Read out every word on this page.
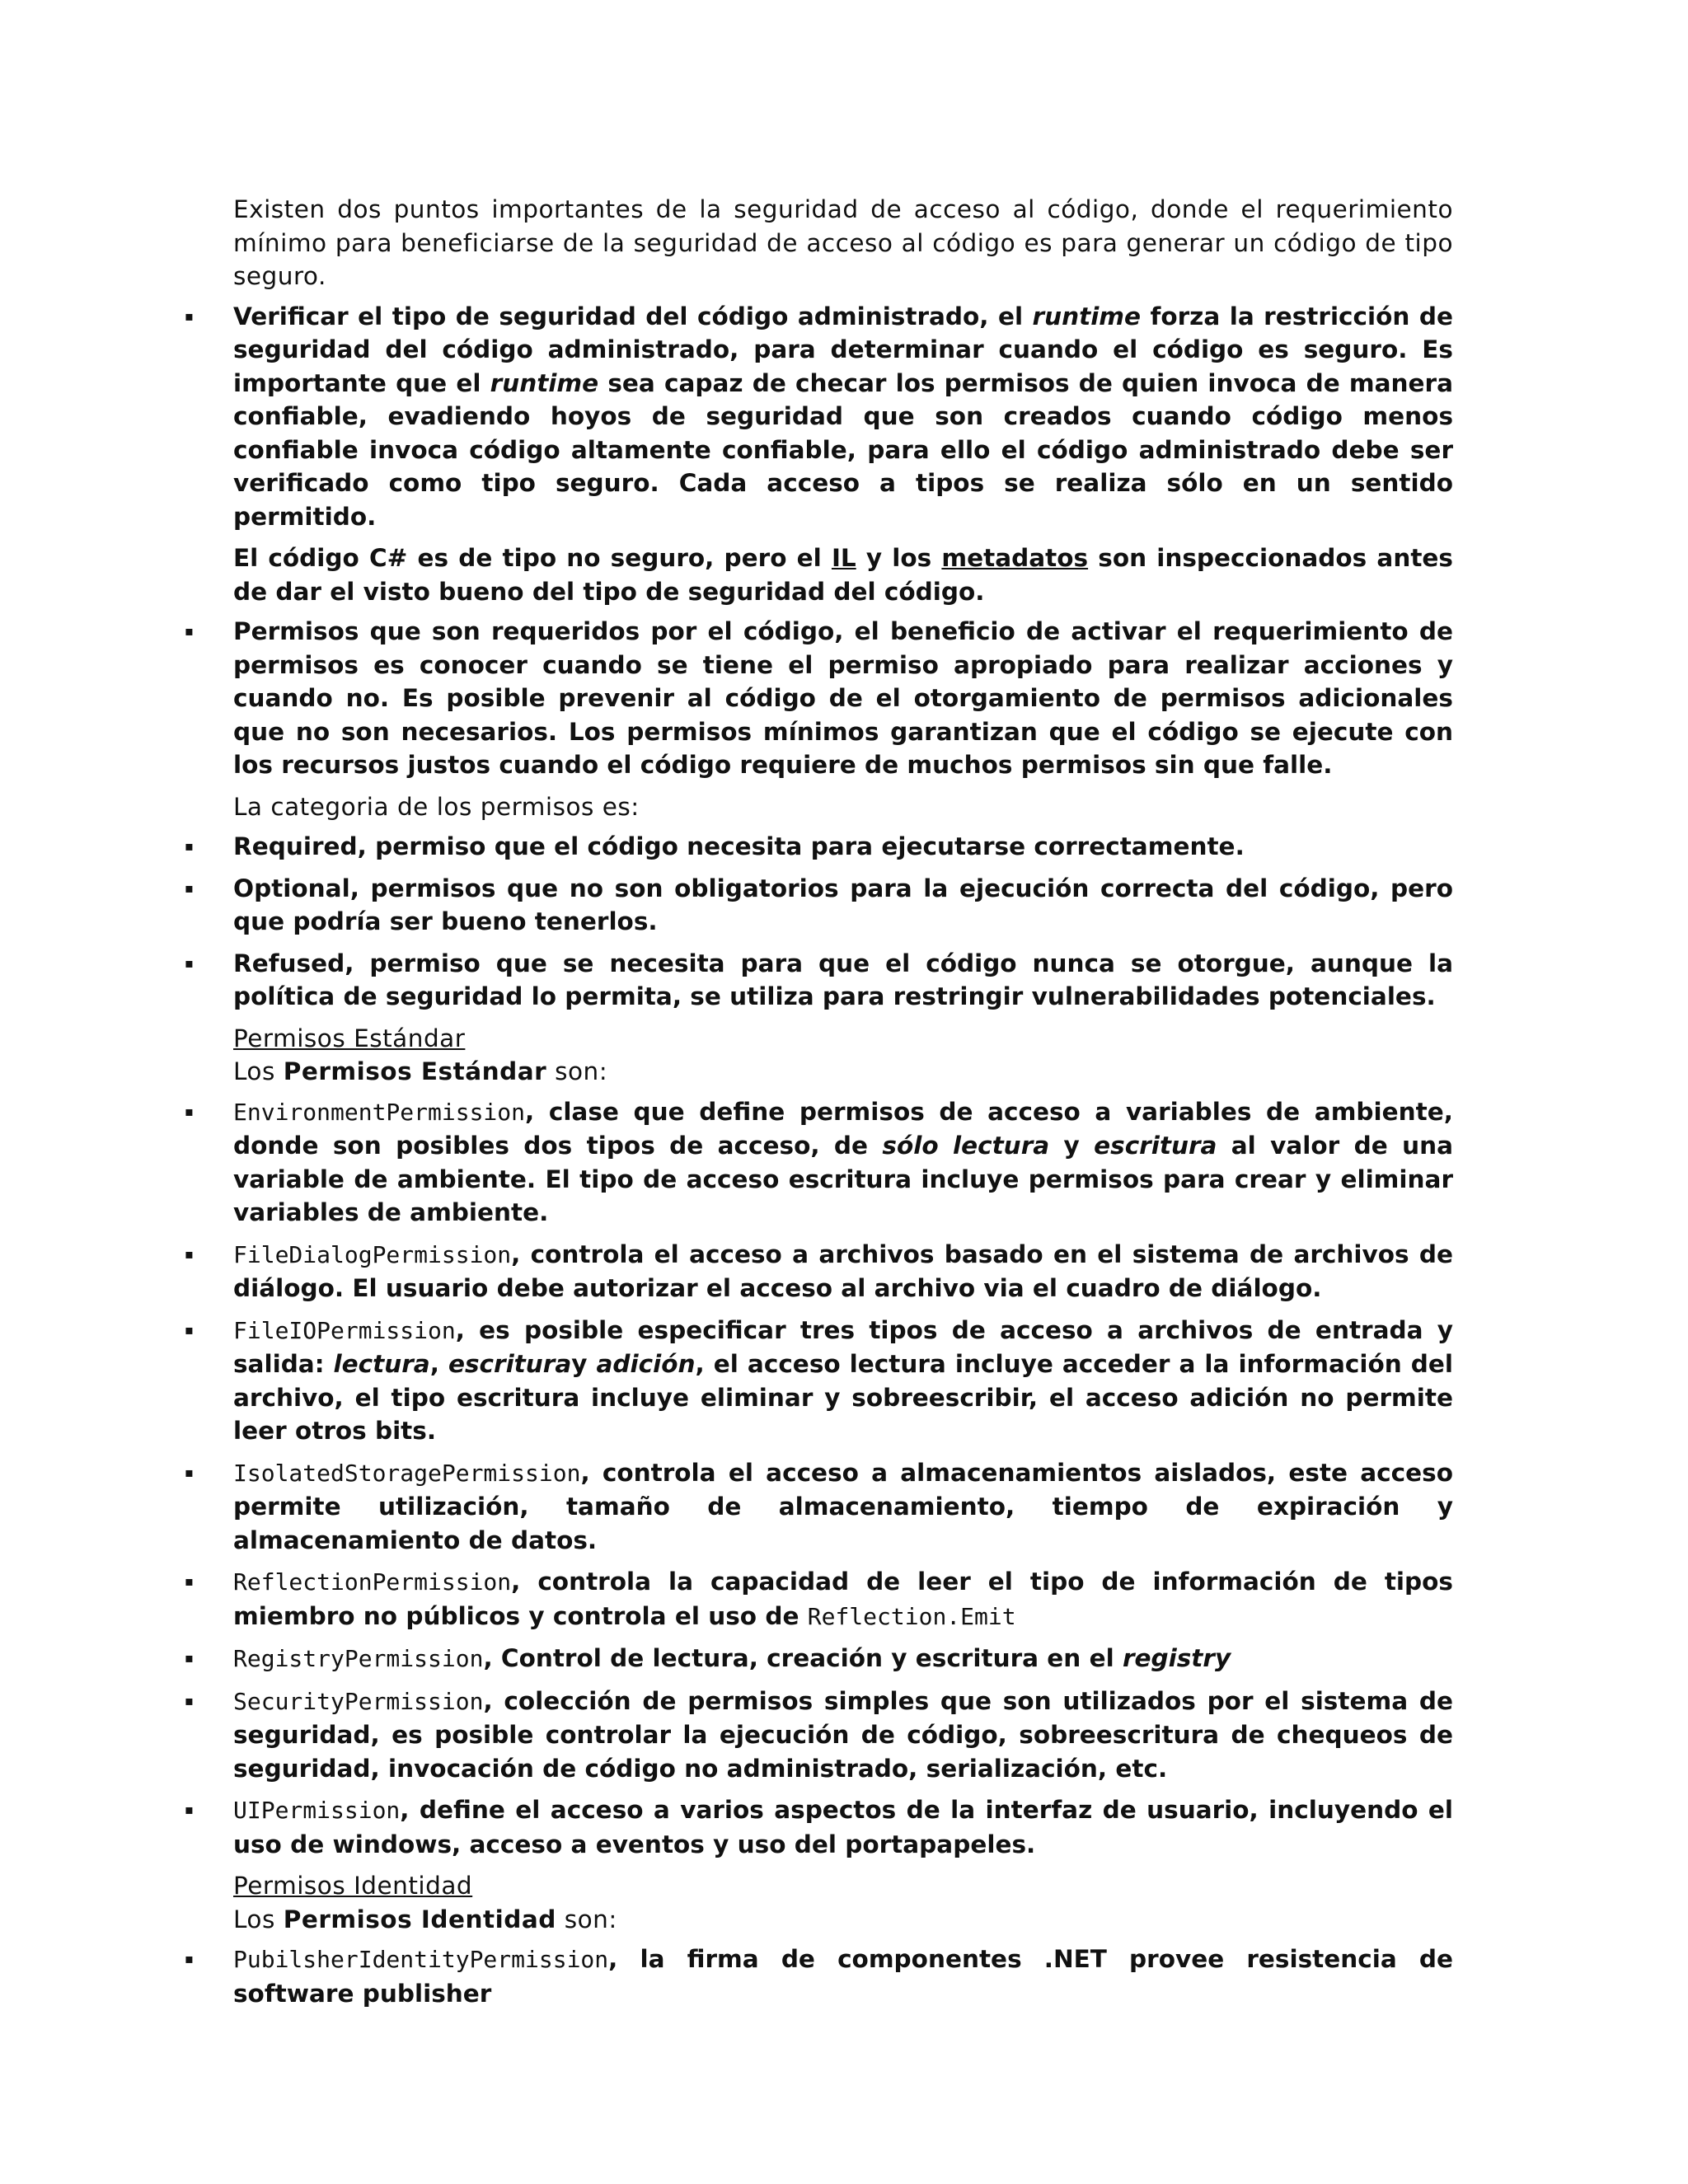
Existen dos puntos importantes de la seguridad de acceso al código, donde el requerimiento mínimo para beneficiarse de la seguridad de acceso al código es para generar un código de tipo seguro.

▪ Verificar el tipo de seguridad del código administrado, el runtime forza la restricción de seguridad del código administrado, para determinar cuando el código es seguro. Es importante que el runtime sea capaz de checar los permisos de quien invoca de manera confiable, evadiendo hoyos de seguridad que son creados cuando código menos confiable invoca código altamente confiable, para ello el código administrado debe ser verificado como tipo seguro. Cada acceso a tipos se realiza sólo en un sentido permitido.

El código C# es de tipo no seguro, pero el IL y los metadatos son inspeccionados antes de dar el visto bueno del tipo de seguridad del código.

▪ Permisos que son requeridos por el código, el beneficio de activar el requerimiento de permisos es conocer cuando se tiene el permiso apropiado para realizar acciones y cuando no. Es posible prevenir al código de el otorgamiento de permisos adicionales que no son necesarios. Los permisos mínimos garantizan que el código se ejecute con los recursos justos cuando el código requiere de muchos permisos sin que falle.

La categoria de los permisos es:

▪ Required, permiso que el código necesita para ejecutarse correctamente.
▪ Optional, permisos que no son obligatorios para la ejecución correcta del código, pero que podría ser bueno tenerlos.
▪ Refused, permiso que se necesita para que el código nunca se otorgue, aunque la política de seguridad lo permita, se utiliza para restringir vulnerabilidades potenciales.

Permisos Estándar

Los Permisos Estándar son:

▪ EnvironmentPermission, clase que define permisos de acceso a variables de ambiente, donde son posibles dos tipos de acceso, de sólo lectura y escritura al valor de una variable de ambiente. El tipo de acceso escritura incluye permisos para crear y eliminar variables de ambiente.
▪ FileDialogPermission, controla el acceso a archivos basado en el sistema de archivos de diálogo. El usuario debe autorizar el acceso al archivo via el cuadro de diálogo.
▪ FileIOPermission, es posible especificar tres tipos de acceso a archivos de entrada y salida: lectura, escrituray adición, el acceso lectura incluye acceder a la información del archivo, el tipo escritura incluye eliminar y sobreescribir, el acceso adición no permite leer otros bits.
▪ IsolatedStoragePermission, controla el acceso a almacenamientos aislados, este acceso permite utilización, tamaño de almacenamiento, tiempo de expiración y almacenamiento de datos.
▪ ReflectionPermission, controla la capacidad de leer el tipo de información de tipos miembro no públicos y controla el uso de Reflection.Emit
▪ RegistryPermission, Control de lectura, creación y escritura en el registry
▪ SecurityPermission, colección de permisos simples que son utilizados por el sistema de seguridad, es posible controlar la ejecución de código, sobreescritura de chequeos de seguridad, invocación de código no administrado, serialización, etc.
▪ UIPermission, define el acceso a varios aspectos de la interfaz de usuario, incluyendo el uso de windows, acceso a eventos y uso del portapapeles.

Permisos Identidad

Los Permisos Identidad son:

▪ PubilsherIdentityPermission, la firma de componentes .NET provee resistencia de software publisher
